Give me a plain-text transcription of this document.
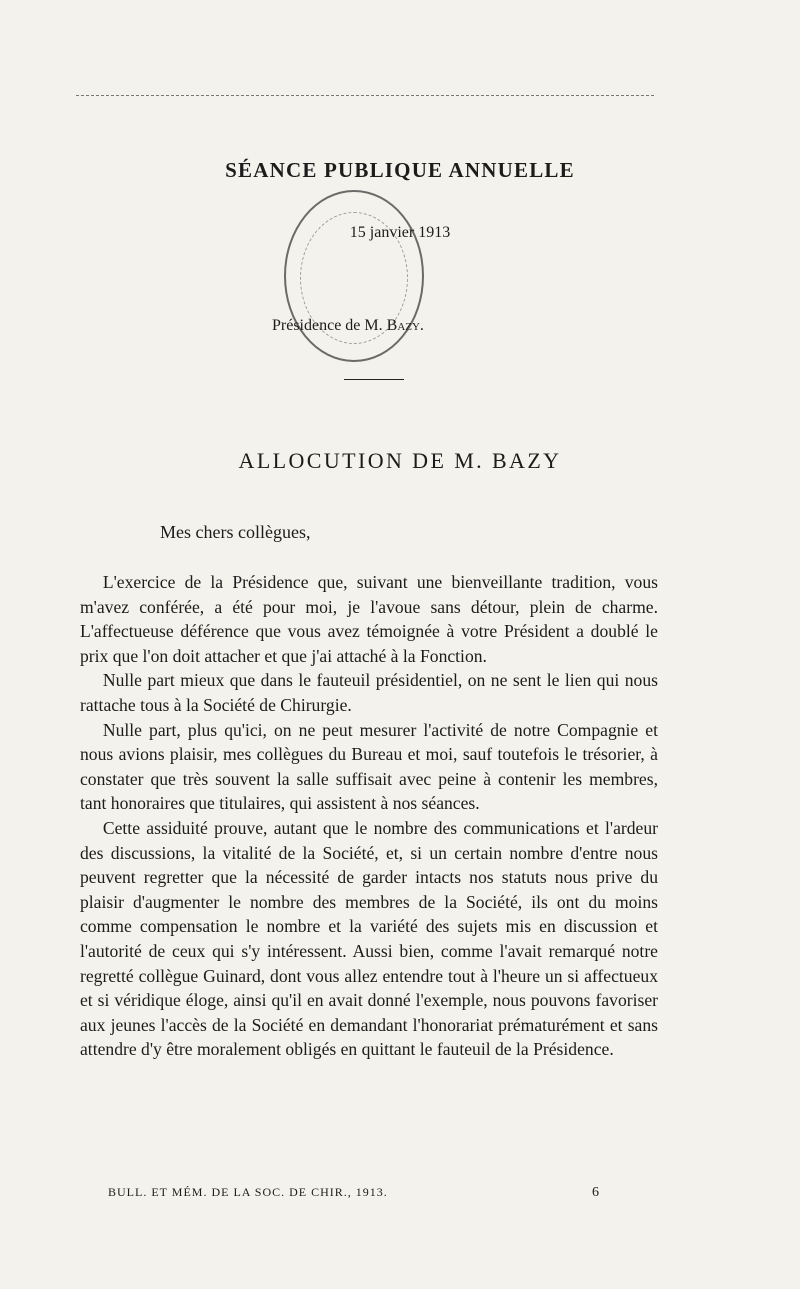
SÉANCE PUBLIQUE ANNUELLE

15 janvier 1913

Présidence de M. Bazy.

ALLOCUTION DE M. BAZY

Mes chers collègues,

L'exercice de la Présidence que, suivant une bienveillante tradition, vous m'avez conférée, a été pour moi, je l'avoue sans détour, plein de charme. L'affectueuse déférence que vous avez témoignée à votre Président a doublé le prix que l'on doit attacher et que j'ai attaché à la Fonction.

Nulle part mieux que dans le fauteuil présidentiel, on ne sent le lien qui nous rattache tous à la Société de Chirurgie.

Nulle part, plus qu'ici, on ne peut mesurer l'activité de notre Compagnie et nous avions plaisir, mes collègues du Bureau et moi, sauf toutefois le trésorier, à constater que très souvent la salle suffisait avec peine à contenir les membres, tant honoraires que titulaires, qui assistent à nos séances.

Cette assiduité prouve, autant que le nombre des communications et l'ardeur des discussions, la vitalité de la Société, et, si un certain nombre d'entre nous peuvent regretter que la nécessité de garder intacts nos statuts nous prive du plaisir d'augmenter le nombre des membres de la Société, ils ont du moins comme compensation le nombre et la variété des sujets mis en discussion et l'autorité de ceux qui s'y intéressent. Aussi bien, comme l'avait remarqué notre regretté collègue Guinard, dont vous allez entendre tout à l'heure un si affectueux et si véridique éloge, ainsi qu'il en avait donné l'exemple, nous pouvons favoriser aux jeunes l'accès de la Société en demandant l'honorariat prématurément et sans attendre d'y être moralement obligés en quittant le fauteuil de la Présidence.

BULL. ET MÉM. DE LA SOC. DE CHIR., 1913.	6
